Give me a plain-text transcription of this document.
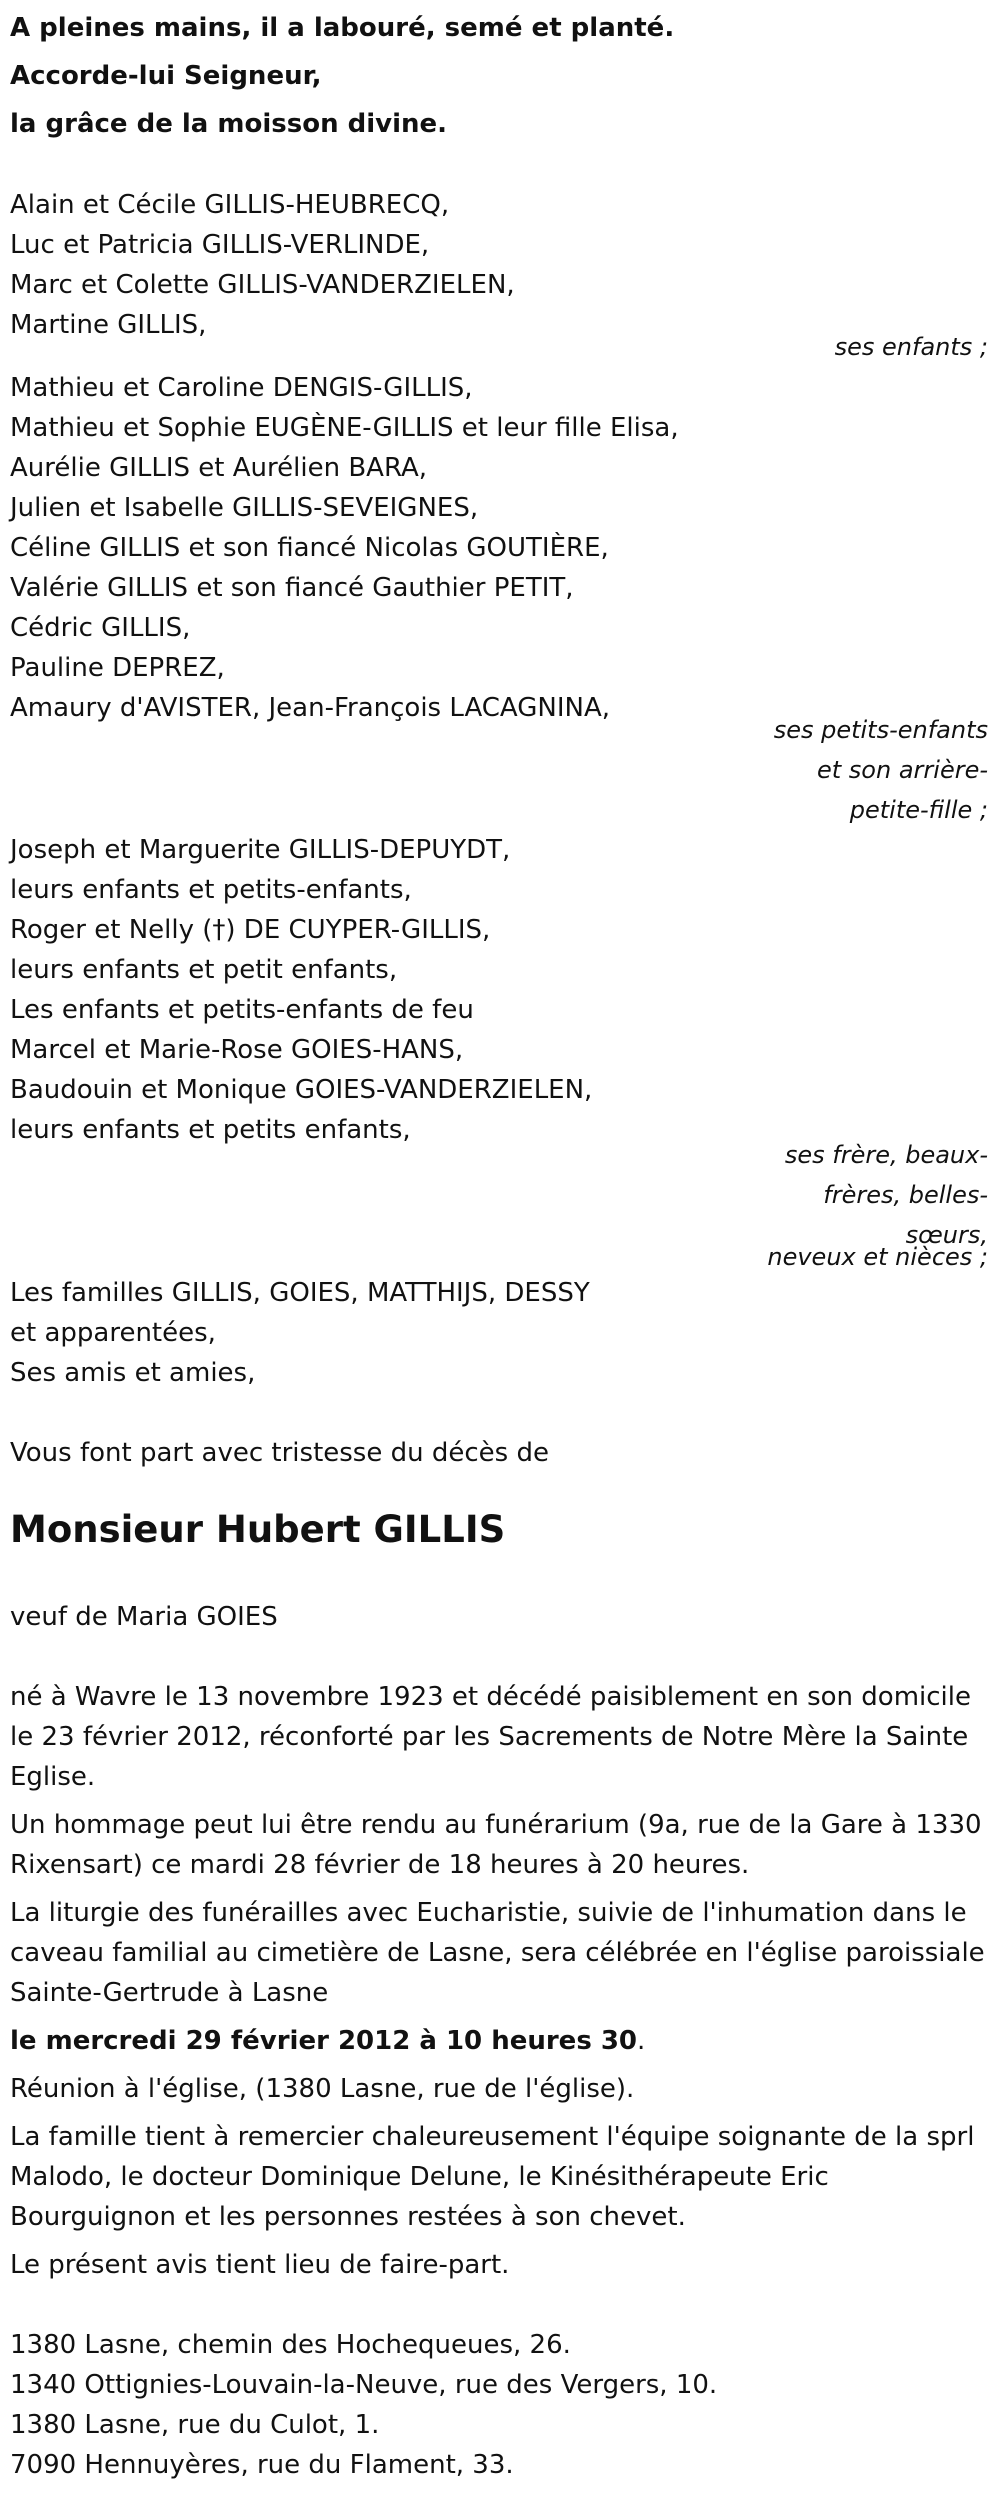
A pleines mains, il a labouré, semé et planté.
Accorde-lui Seigneur,
la grâce de la moisson divine.
Alain et Cécile GILLIS-HEUBRECQ,
Luc et Patricia GILLIS-VERLINDE,
Marc et Colette GILLIS-VANDERZIELEN,
Martine GILLIS,
ses enfants ;
Mathieu et Caroline DENGIS-GILLIS,
Mathieu et Sophie EUGÈNE-GILLIS et leur fille Elisa,
Aurélie GILLIS et Aurélien BARA,
Julien et Isabelle GILLIS-SEVEIGNES,
Céline GILLIS et son fiancé Nicolas GOUTIÈRE,
Valérie GILLIS et son fiancé Gauthier PETIT,
Cédric GILLIS,
Pauline DEPREZ,
Amaury d'AVISTER, Jean-François LACAGNINA,
ses petits-enfants
et son arrière-
petite-fille ;
Joseph et Marguerite GILLIS-DEPUYDT,
leurs enfants et petits-enfants,
Roger et Nelly (†) DE CUYPER-GILLIS,
leurs enfants et petit enfants,
Les enfants et petits-enfants de feu
Marcel et Marie-Rose GOIES-HANS,
Baudouin et Monique GOIES-VANDERZIELEN,
leurs enfants et petits enfants,
ses frère, beaux-
frères, belles-
sœurs,
neveux et nièces ;
Les familles GILLIS, GOIES, MATTHIJS, DESSY
et apparentées,
Ses amis et amies,
Vous font part avec tristesse du décès de
Monsieur Hubert GILLIS
veuf de Maria GOIES
né à Wavre le 13 novembre 1923 et décédé paisiblement en son domicile le 23 février 2012, réconforté par les Sacrements de Notre Mère la Sainte Eglise.
Un hommage peut lui être rendu au funérarium (9a, rue de la Gare à 1330 Rixensart) ce mardi 28 février de 18 heures à 20 heures.
La liturgie des funérailles avec Eucharistie, suivie de l'inhumation dans le caveau familial au cimetière de Lasne, sera célébrée en l'église paroissiale Sainte-Gertrude à Lasne
le mercredi 29 février 2012 à 10 heures 30.
Réunion à l'église, (1380 Lasne, rue de l'église).
La famille tient à remercier chaleureusement l'équipe soignante de la sprl Malodo, le docteur Dominique Delune, le Kinésithérapeute Eric Bourguignon et les personnes restées à son chevet.
Le présent avis tient lieu de faire-part.
1380 Lasne, chemin des Hochequeues, 26.
1340 Ottignies-Louvain-la-Neuve, rue des Vergers, 10.
1380 Lasne, rue du Culot, 1.
7090 Hennuyères, rue du Flament, 33.
